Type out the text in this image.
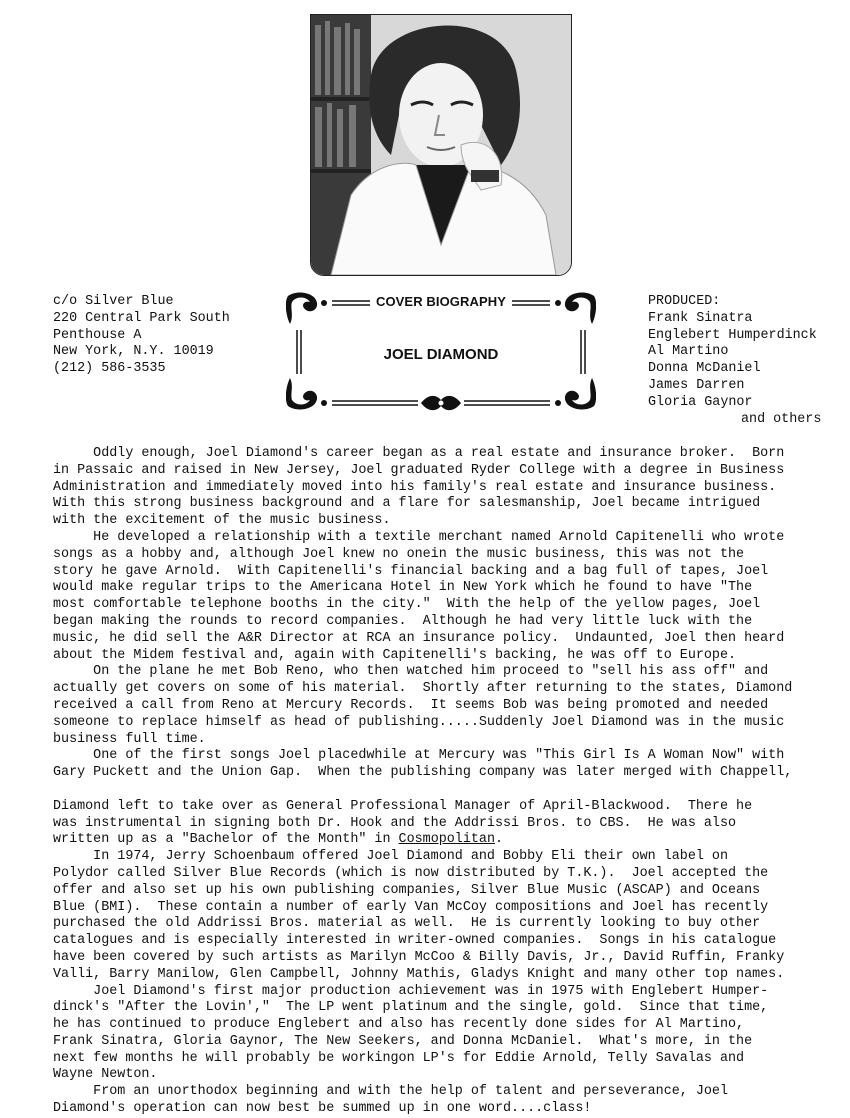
c/o Silver Blue
220 Central Park South
Penthouse A
New York, N.Y. 10019
(212) 586-3535
COVER BIOGRAPHY
JOEL DIAMOND
PRODUCED:
Frank Sinatra
Englebert Humperdinck
Al Martino
Donna McDaniel
James Darren
Gloria Gaynor
and others

Oddly enough, Joel Diamond's career began as a real estate and insurance broker.  Born

in Passaic and raised in New Jersey, Joel graduated Ryder College with a degree in Business

Administration and immediately moved into his family's real estate and insurance business.

With this strong business background and a flare for salesmanship, Joel became intrigued

with the excitement of the music business.

He developed a relationship with a textile merchant named Arnold Capitenelli who wrote

songs as a hobby and, although Joel knew no onein the music business, this was not the

story he gave Arnold.  With Capitenelli's financial backing and a bag full of tapes, Joel

would make regular trips to the Americana Hotel in New York which he found to have "The

most comfortable telephone booths in the city."  With the help of the yellow pages, Joel

began making the rounds to record companies.  Although he had very little luck with the

music, he did sell the A&R Director at RCA an insurance policy.  Undaunted, Joel then heard

about the Midem festival and, again with Capitenelli's backing, he was off to Europe.

On the plane he met Bob Reno, who then watched him proceed to "sell his ass off" and

actually get covers on some of his material.  Shortly after returning to the states, Diamond

received a call from Reno at Mercury Records.  It seems Bob was being promoted and needed

someone to replace himself as head of publishing.....Suddenly Joel Diamond was in the music

business full time.

One of the first songs Joel placedwhile at Mercury was "This Girl Is A Woman Now" with

Gary Puckett and the Union Gap.  When the publishing company was later merged with Chappell,

Diamond left to take over as General Professional Manager of April-Blackwood.  There he

was instrumental in signing both Dr. Hook and the Addrissi Bros. to CBS.  He was also

written up as a "Bachelor of the Month" in Cosmopolitan.

In 1974, Jerry Schoenbaum offered Joel Diamond and Bobby Eli their own label on

Polydor called Silver Blue Records (which is now distributed by T.K.).  Joel accepted the

offer and also set up his own publishing companies, Silver Blue Music (ASCAP) and Oceans

Blue (BMI).  These contain a number of early Van McCoy compositions and Joel has recently

purchased the old Addrissi Bros. material as well.  He is currently looking to buy other

catalogues and is especially interested in writer-owned companies.  Songs in his catalogue

have been covered by such artists as Marilyn McCoo & Billy Davis, Jr., David Ruffin, Franky

Valli, Barry Manilow, Glen Campbell, Johnny Mathis, Gladys Knight and many other top names.

Joel Diamond's first major production achievement was in 1975 with Englebert Humper-

dinck's "After the Lovin',"  The LP went platinum and the single, gold.  Since that time,

he has continued to produce Englebert and also has recently done sides for Al Martino,

Frank Sinatra, Gloria Gaynor, The New Seekers, and Donna McDaniel.  What's more, in the

next few months he will probably be workingon LP's for Eddie Arnold, Telly Savalas and

Wayne Newton.

From an unorthodox beginning and with the help of talent and perseverance, Joel

Diamond's operation can now best be summed up in one word....class!
